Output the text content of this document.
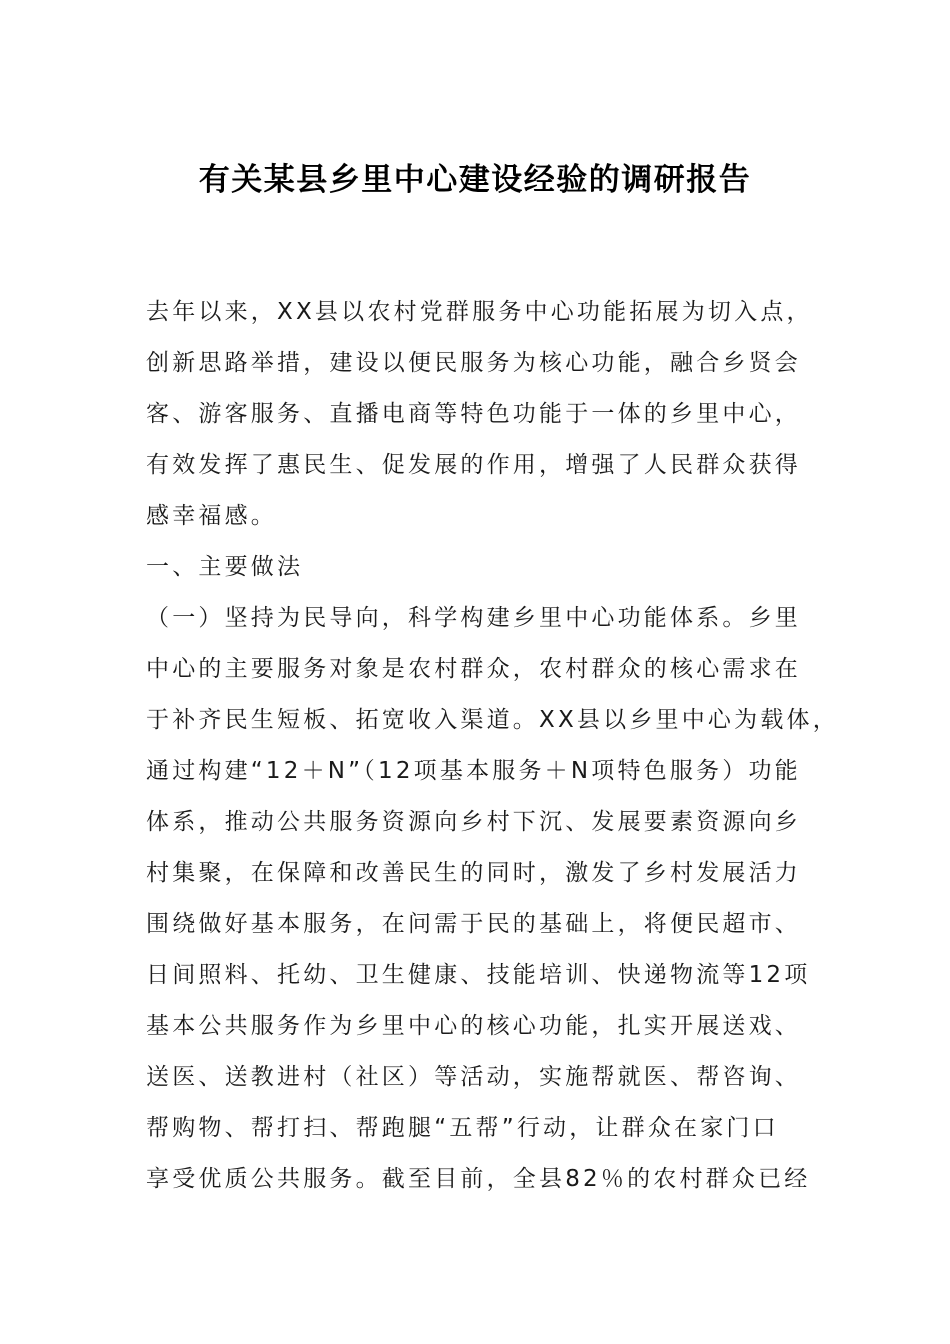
有关某县乡里中心建设经验的调研报告
去年以来，XX县以农村党群服务中心功能拓展为切入点，
创新思路举措，建设以便民服务为核心功能，融合乡贤会
客、游客服务、直播电商等特色功能于一体的乡里中心，
有效发挥了惠民生、促发展的作用，增强了人民群众获得
感幸福感。
一、主要做法
（一）坚持为民导向，科学构建乡里中心功能体系。乡里
中心的主要服务对象是农村群众，农村群众的核心需求在
于补齐民生短板、拓宽收入渠道。XX县以乡里中心为载体，
通过构建“12＋N”（12项基本服务＋N项特色服务）功能
体系，推动公共服务资源向乡村下沉、发展要素资源向乡
村集聚，在保障和改善民生的同时，激发了乡村发展活力
围绕做好基本服务，在问需于民的基础上，将便民超市、
日间照料、托幼、卫生健康、技能培训、快递物流等12项
基本公共服务作为乡里中心的核心功能，扎实开展送戏、
送医、送教进村（社区）等活动，实施帮就医、帮咨询、
帮购物、帮打扫、帮跑腿“五帮”行动，让群众在家门口
享受优质公共服务。截至目前，全县82％的农村群众已经
